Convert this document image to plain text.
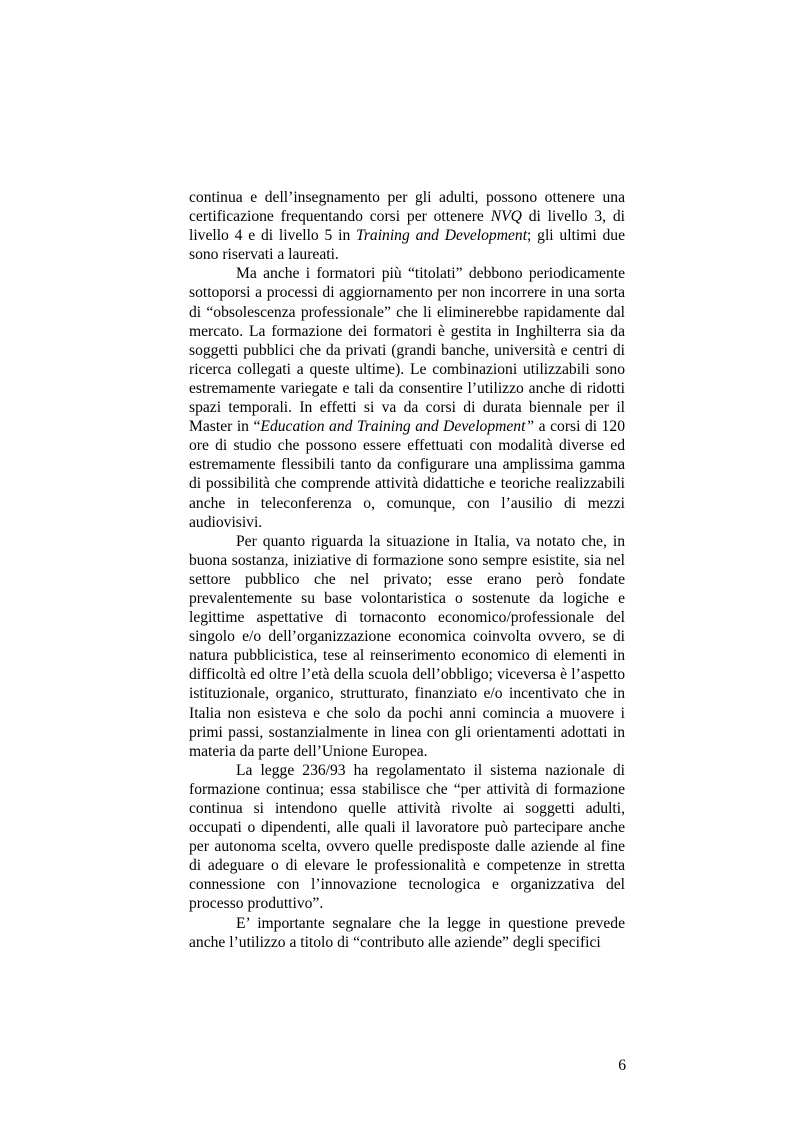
continua e dell’insegnamento per gli adulti, possono ottenere una certificazione frequentando corsi per ottenere NVQ di livello 3, di livello 4 e di livello 5 in Training and Development; gli ultimi due sono riservati a laureati.

Ma anche i formatori più “titolati” debbono periodicamente sottoporsi a processi di aggiornamento per non incorrere in una sorta di “obsolescenza professionale” che li eliminerebbe rapidamente dal mercato. La formazione dei formatori è gestita in Inghilterra sia da soggetti pubblici che da privati (grandi banche, università e centri di ricerca collegati a queste ultime). Le combinazioni utilizzabili sono estremamente variegate e tali da consentire l’utilizzo anche di ridotti spazi temporali. In effetti si va da corsi di durata biennale per il Master in “Education and Training and Development” a corsi di 120 ore di studio che possono essere effettuati con modalità diverse ed estremamente flessibili tanto da configurare una amplissima gamma di possibilità che comprende attività didattiche e teoriche realizzabili anche in teleconferenza o, comunque, con l’ausilio di mezzi audiovisivi.

Per quanto riguarda la situazione in Italia, va notato che, in buona sostanza, iniziative di formazione sono sempre esistite, sia nel settore pubblico che nel privato; esse erano però fondate prevalentemente su base volontaristica o sostenute da logiche e legittime aspettative di tornaconto economico/professionale del singolo e/o dell’organizzazione economica coinvolta ovvero, se di natura pubblicistica, tese al reinserimento economico di elementi in difficoltà ed oltre l’età della scuola dell’obbligo; viceversa è l’aspetto istituzionale, organico, strutturato, finanziato e/o incentivato che in Italia non esisteva e che solo da pochi anni comincia a muovere i primi passi, sostanzialmente in linea con gli orientamenti adottati in materia da parte dell’Unione Europea.

La legge 236/93 ha regolamentato il sistema nazionale di formazione continua; essa stabilisce che “per attività di formazione continua si intendono quelle attività rivolte ai soggetti adulti, occupati o dipendenti, alle quali il lavoratore può partecipare anche per autonoma scelta, ovvero quelle predisposte dalle aziende al fine di adeguare o di elevare le professionalità e competenze in stretta connessione con l’innovazione tecnologica e organizzativa del processo produttivo”.

E’ importante segnalare che la legge in questione prevede anche l’utilizzo a titolo di “contributo alle aziende” degli specifici

6
